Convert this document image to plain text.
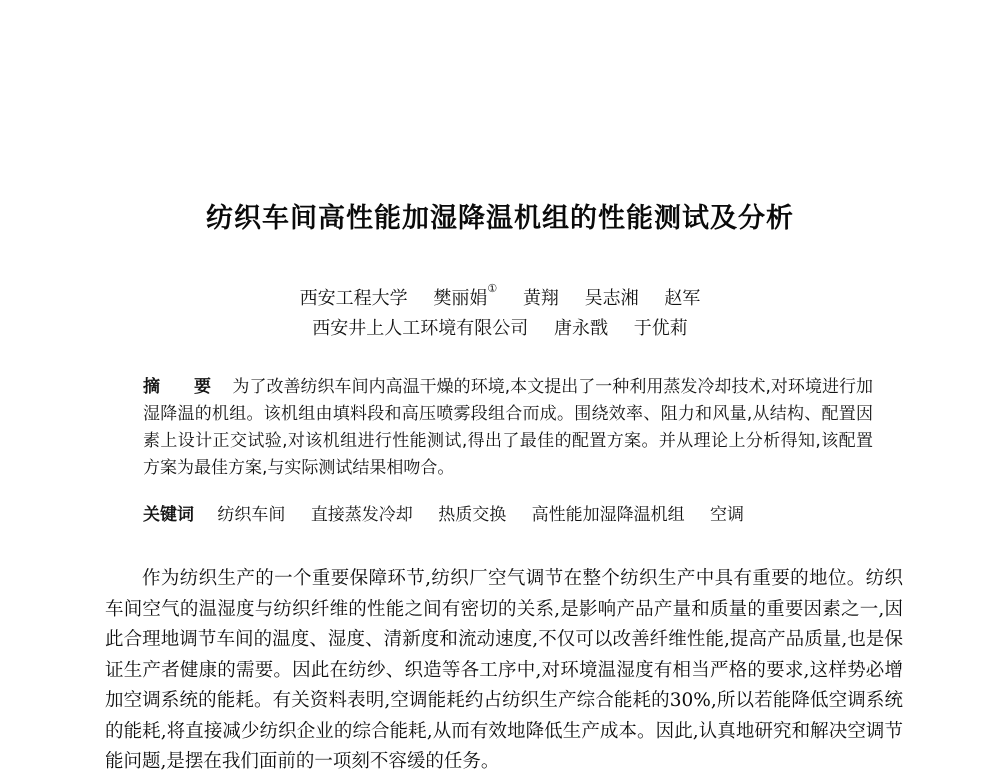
纺织车间高性能加湿降温机组的性能测试及分析
西安工程大学 樊丽娟① 黄翔 吴志湘 赵军
西安井上人工环境有限公司 唐永戬 于优莉
摘 要 为了改善纺织车间内高温干燥的环境,本文提出了一种利用蒸发冷却技术,对环境进行加湿降温的机组。该机组由填料段和高压喷雾段组合而成。围绕效率、阻力和风量,从结构、配置因素上设计正交试验,对该机组进行性能测试,得出了最佳的配置方案。并从理论上分析得知,该配置方案为最佳方案,与实际测试结果相吻合。
关键词 纺织车间 直接蒸发冷却 热质交换 高性能加湿降温机组 空调

作为纺织生产的一个重要保障环节,纺织厂空气调节在整个纺织生产中具有重要的地位。纺织车间空气的温湿度与纺织纤维的性能之间有密切的关系,是影响产品产量和质量的重要因素之一,因此合理地调节车间的温度、湿度、清新度和流动速度,不仅可以改善纤维性能,提高产品质量,也是保证生产者健康的需要。因此在纺纱、织造等各工序中,对环境温湿度有相当严格的要求,这样势必增加空调系统的能耗。有关资料表明,空调能耗约占纺织生产综合能耗的30%,所以若能降低空调系统的能耗,将直接减少纺织企业的综合能耗,从而有效地降低生产成本。因此,认真地研究和解决空调节能问题,是摆在我们面前的一项刻不容缓的任务。
